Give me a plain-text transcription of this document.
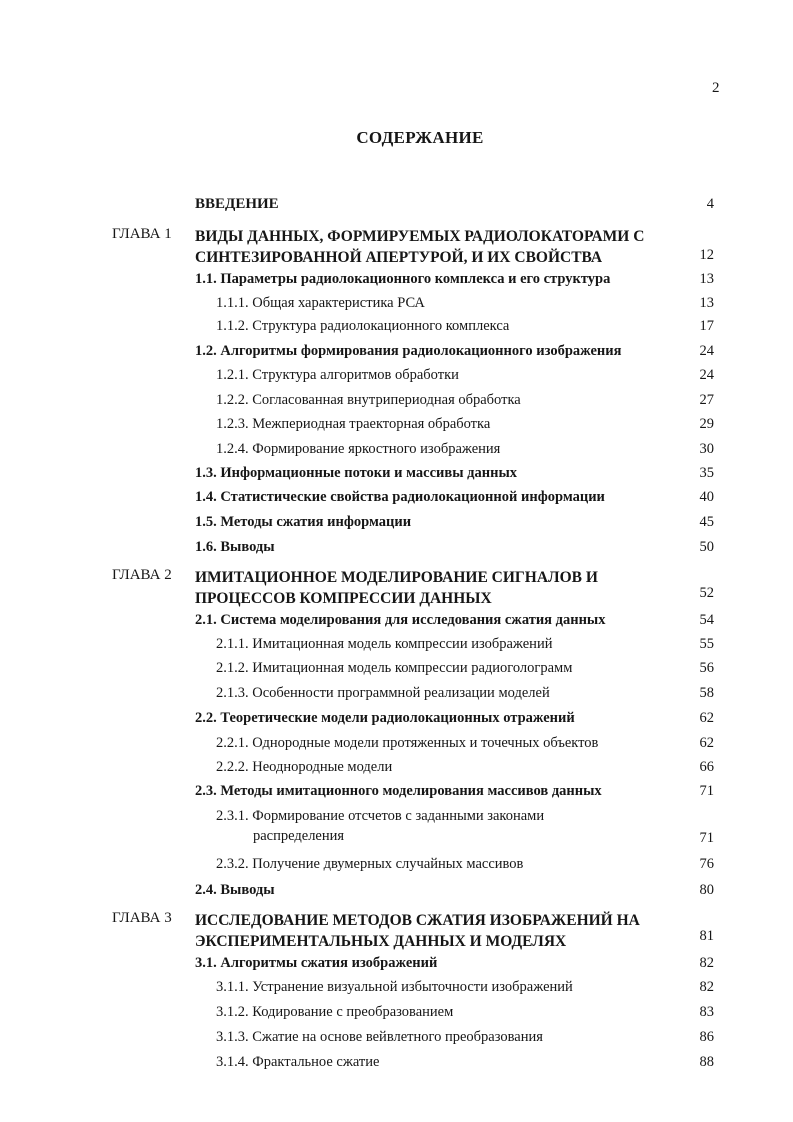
2
СОДЕРЖАНИЕ
ВВЕДЕНИЕ	4
ГЛАВА 1 ВИДЫ ДАННЫХ, ФОРМИРУЕМЫХ РАДИОЛОКАТОРАМИ С
СИНТЕЗИРОВАННОЙ АПЕРТУРОЙ, И ИХ СВОЙСТВА	12
1.1. Параметры радиолокационного комплекса и его структура	13
1.1.1. Общая характеристика РСА	13
1.1.2. Структура радиолокационного комплекса	17
1.2. Алгоритмы формирования радиолокационного изображения	24
1.2.1. Структура алгоритмов обработки	24
1.2.2. Согласованная внутрипериодная обработка	27
1.2.3. Межпериодная траекторная обработка	29
1.2.4. Формирование яркостного изображения	30
1.3. Информационные потоки и массивы данных	35
1.4. Статистические свойства радиолокационной информации	40
1.5. Методы сжатия информации	45
1.6. Выводы	50
ГЛАВА 2 ИМИТАЦИОННОЕ МОДЕЛИРОВАНИЕ СИГНАЛОВ И
ПРОЦЕССОВ КОМПРЕССИИ ДАННЫХ	52
2.1. Система моделирования для исследования сжатия данных	54
2.1.1. Имитационная модель компрессии изображений	55
2.1.2. Имитационная модель компрессии радиоголограмм	56
2.1.3. Особенности программной реализации моделей	58
2.2. Теоретические модели радиолокационных отражений	62
2.2.1. Однородные модели протяженных и точечных объектов	62
2.2.2. Неоднородные модели	66
2.3. Методы имитационного моделирования массивов данных	71
2.3.1. Формирование отсчетов с заданными законами
распределения	71
2.3.2. Получение двумерных случайных массивов	76
2.4. Выводы	80
ГЛАВА 3 ИССЛЕДОВАНИЕ МЕТОДОВ СЖАТИЯ ИЗОБРАЖЕНИЙ НА
ЭКСПЕРИМЕНТАЛЬНЫХ ДАННЫХ И МОДЕЛЯХ	81
3.1. Алгоритмы сжатия изображений	82
3.1.1. Устранение визуальной избыточности изображений	82
3.1.2. Кодирование с преобразованием	83
3.1.3. Сжатие на основе вейвлетного преобразования	86
3.1.4. Фрактальное сжатие	88
